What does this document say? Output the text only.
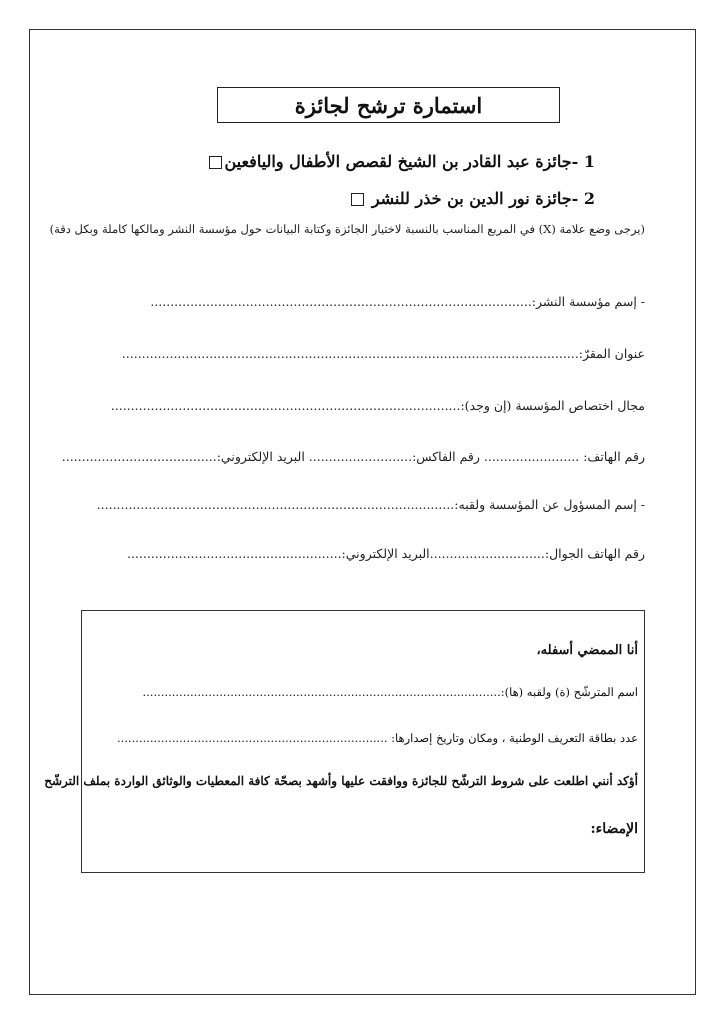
استمارة ترشح لجائزة
1 -جائزة عبد القادر بن الشيخ لقصص الأطفال واليافعين
2 -جائزة نور الدين بن خذر للنشر
(يرجى وضع علامة (X) في المربع المناسب بالنسبة لاختيار الجائزة وكتابة البيانات حول مؤسسة النشر ومالكها كاملة وبكل دقة)
- إسم مؤسسة النشر:................................................................................................
عنوان المقرّ:...................................................................................................................
مجال اختصاص المؤسسة (إن وجد):........................................................................................
رقم الهاتف: ........................ رقم الفاكس:.......................... البريد الإلكتروني:.......................................
- إسم المسؤول عن المؤسسة ولقبه:..........................................................................................
رقم الهاتف الجوال:.............................البريد الإلكتروني:......................................................
أنا الممضي أسفله،
اسم المترشّح (ة) ولقبه (ها):..................................................................................................
عدد بطاقة التعريف الوطنية ، ومكان وتاريخ إصدارها: ..........................................................................
أؤكد أنني اطلعت على شروط الترشّح للجائزة ووافقت عليها وأشهد بصحّة كافة المعطيات والوثائق الواردة بملف الترشّح
الإمضاء:
